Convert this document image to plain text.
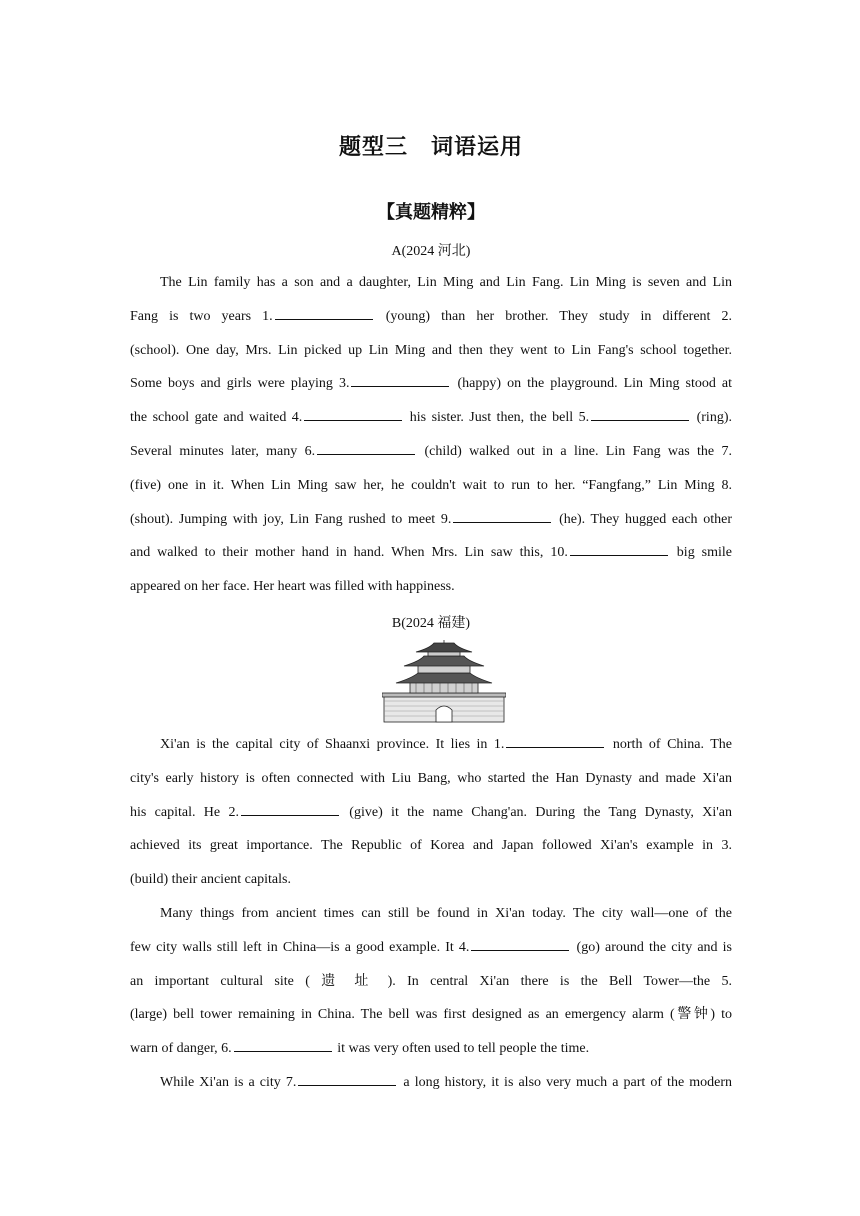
题型三　词语运用
【真题精粹】
A(2024 河北)
The Lin family has a son and a daughter, Lin Ming and Lin Fang. Lin Ming is seven and Lin
Fang is two years 1.	(young) than her brother. They study in different 2.
(school). One day, Mrs. Lin picked up Lin Ming and then they went to Lin Fang's school together.
Some boys and girls were playing 3.	(happy) on the playground. Lin Ming stood at
the school gate and waited 4.	his sister. Just then, the bell 5.	(ring).
Several minutes later, many 6.	(child) walked out in a line. Lin Fang was the 7.
(five) one in it. When Lin Ming saw her, he couldn't wait to run to her. “Fangfang,” Lin Ming 8.
(shout). Jumping with joy, Lin Fang rushed to meet 9.	(he). They hugged each other
and walked to their mother hand in hand. When Mrs. Lin saw this, 10.	big smile
appeared on her face. Her heart was filled with happiness.
B(2024 福建)
Xi'an is the capital city of Shaanxi province. It lies in 1.	north of China. The
city's early history is often connected with Liu Bang, who started the Han Dynasty and made Xi'an
his capital. He 2.	(give) it the name Chang'an. During the Tang Dynasty, Xi'an
achieved its great importance. The Republic of Korea and Japan followed Xi'an's example in 3.
(build) their ancient capitals.
Many things from ancient times can still be found in Xi'an today. The city wall—one of the
few city walls still left in China—is a good example. It 4.	(go) around the city and is
an important cultural site ( 遗 址 ). In central Xi'an there is the Bell Tower—the 5.
(large) bell tower remaining in China. The bell was first designed as an emergency alarm (警钟) to
warn of danger, 6.	it was very often used to tell people the time.
While Xi'an is a city 7.	a long history, it is also very much a part of the modern
